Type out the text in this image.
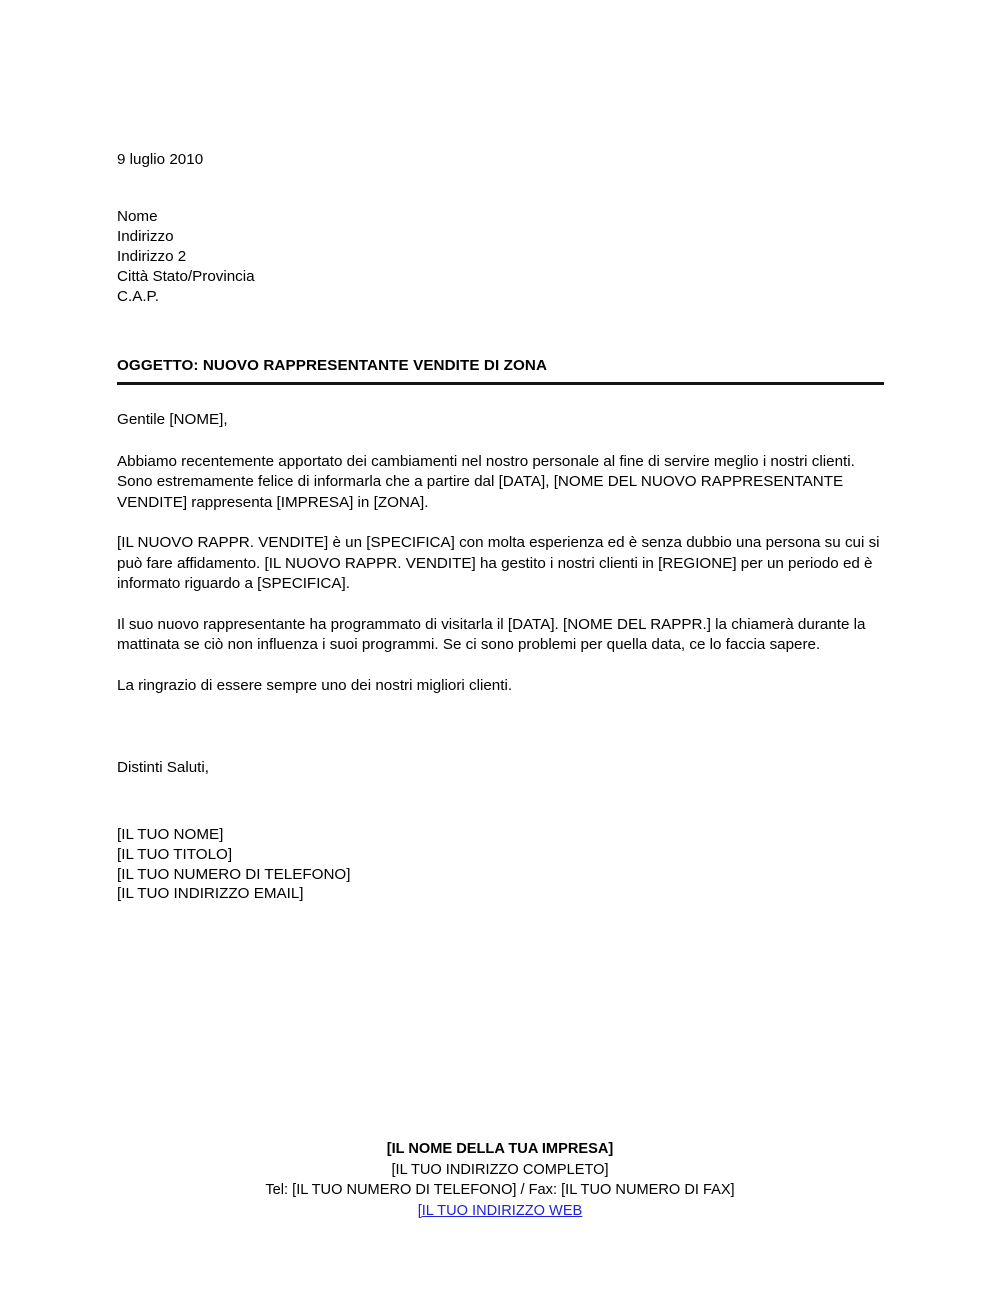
9 luglio 2010
Nome
Indirizzo
Indirizzo 2
Città Stato/Provincia
C.A.P.
OGGETTO: NUOVO RAPPRESENTANTE VENDITE DI ZONA

Gentile [NOME],

Abbiamo recentemente apportato dei cambiamenti nel nostro personale al fine di servire meglio i nostri clienti. Sono estremamente felice di informarla che a partire dal [DATA], [NOME DEL NUOVO RAPPRESENTANTE VENDITE] rappresenta [IMPRESA] in [ZONA].

[IL NUOVO RAPPR. VENDITE] è un [SPECIFICA] con molta esperienza ed è senza dubbio una persona su cui si può fare affidamento. [IL NUOVO RAPPR. VENDITE] ha gestito i nostri clienti in [REGIONE] per un periodo ed è informato riguardo a [SPECIFICA].

Il suo nuovo rappresentante ha programmato di visitarla il [DATA]. [NOME DEL RAPPR.] la chiamerà durante la mattinata se ciò non influenza i suoi programmi. Se ci sono problemi per quella data, ce lo faccia sapere.

La ringrazio di essere sempre uno dei nostri migliori clienti.

Distinti Saluti,
[IL TUO NOME]
[IL TUO TITOLO]
[IL TUO NUMERO DI TELEFONO]
[IL TUO INDIRIZZO EMAIL]
[IL NOME DELLA TUA IMPRESA]
[IL TUO INDIRIZZO COMPLETO]
Tel: [IL TUO NUMERO DI TELEFONO] / Fax: [IL TUO NUMERO DI FAX]
[IL TUO INDIRIZZO WEB
